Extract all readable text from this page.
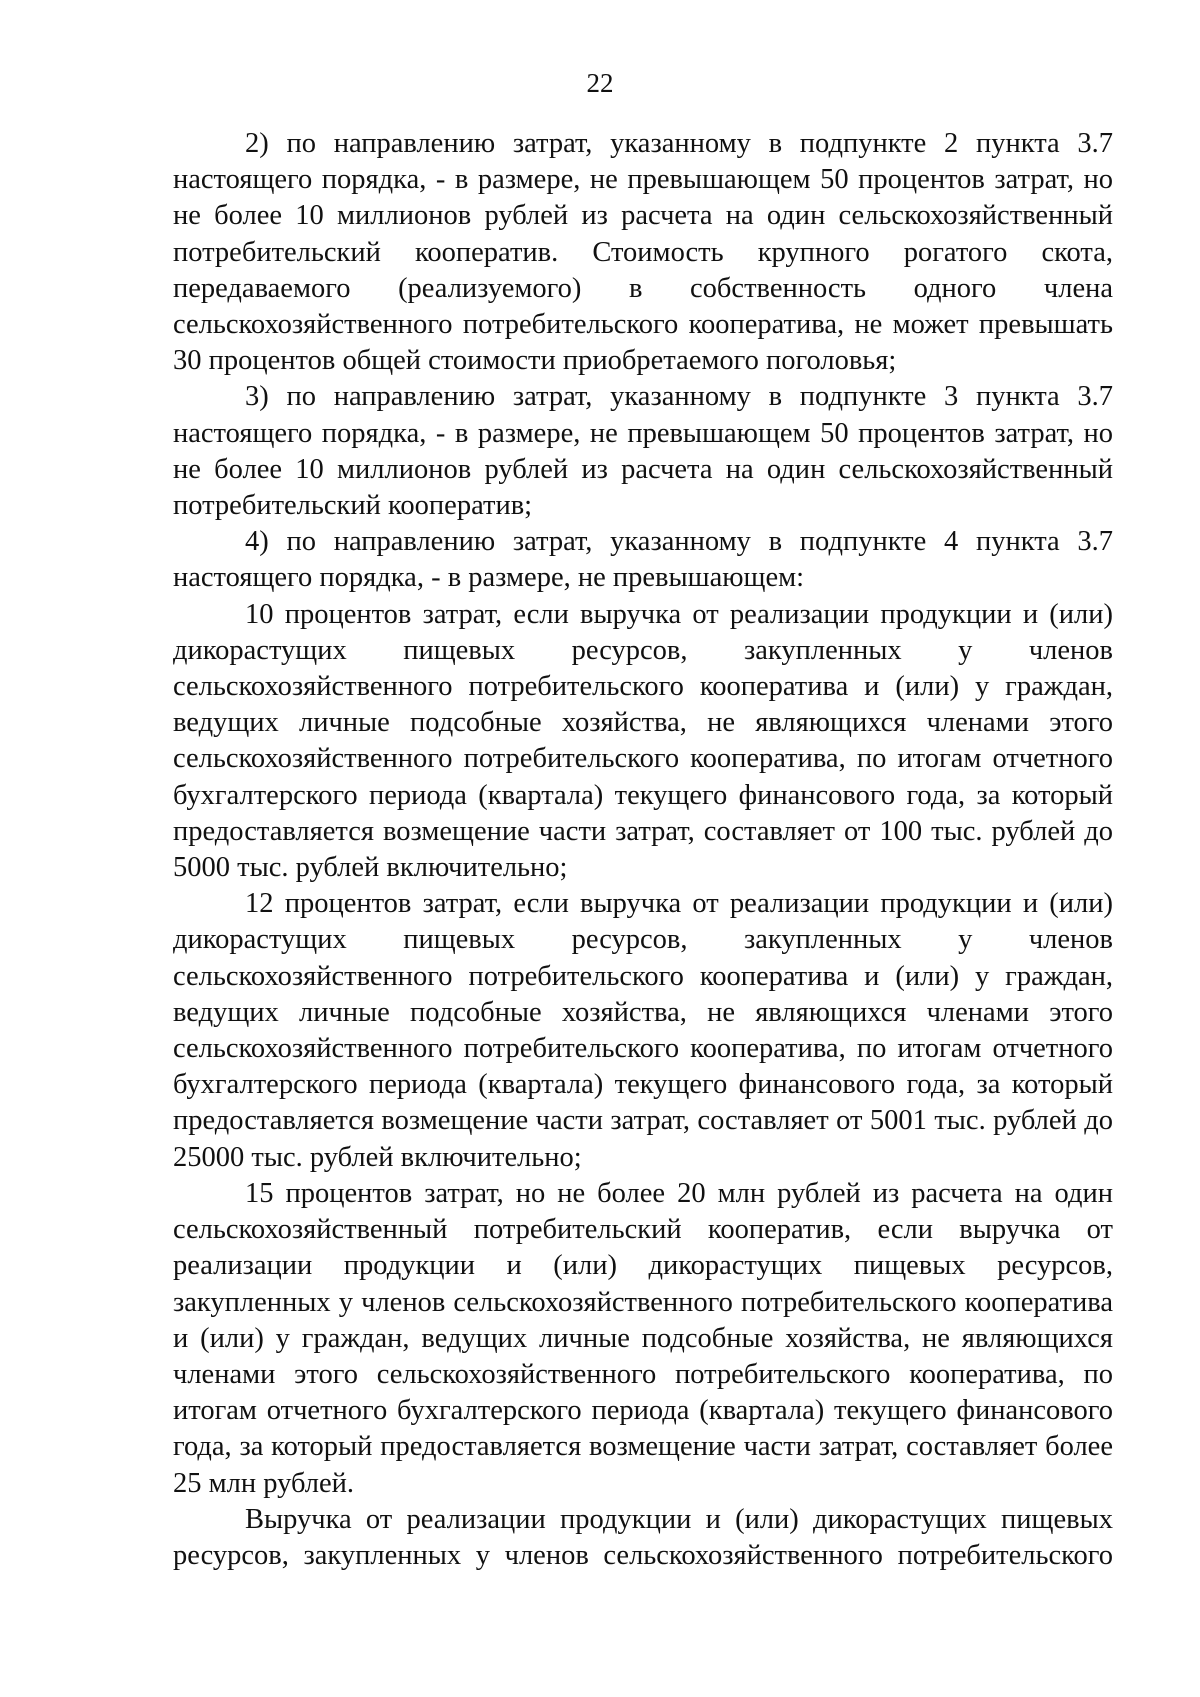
22

2) по направлению затрат, указанному в подпункте 2 пункта 3.7 настоящего порядка, - в размере, не превышающем 50 процентов затрат, но не более 10 миллионов рублей из расчета на один сельскохозяйственный потребительский кооператив. Стоимость крупного рогатого скота, передаваемого (реализуемого) в собственность одного члена сельскохозяйственного потребительского кооператива, не может превышать 30 процентов общей стоимости приобретаемого поголовья;

3) по направлению затрат, указанному в подпункте 3 пункта 3.7 настоящего порядка, - в размере, не превышающем 50 процентов затрат, но не более 10 миллионов рублей из расчета на один сельскохозяйственный потребительский кооператив;

4) по направлению затрат, указанному в подпункте 4 пункта 3.7 настоящего порядка, - в размере, не превышающем:

10 процентов затрат, если выручка от реализации продукции и (или) дикорастущих пищевых ресурсов, закупленных у членов сельскохозяйственного потребительского кооператива и (или) у граждан, ведущих личные подсобные хозяйства, не являющихся членами этого сельскохозяйственного потребительского кооператива, по итогам отчетного бухгалтерского периода (квартала) текущего финансового года, за который предоставляется возмещение части затрат, составляет от 100 тыс. рублей до 5000 тыс. рублей включительно;

12 процентов затрат, если выручка от реализации продукции и (или) дикорастущих пищевых ресурсов, закупленных у членов сельскохозяйственного потребительского кооператива и (или) у граждан, ведущих личные подсобные хозяйства, не являющихся членами этого сельскохозяйственного потребительского кооператива, по итогам отчетного бухгалтерского периода (квартала) текущего финансового года, за который предоставляется возмещение части затрат, составляет от 5001 тыс. рублей до 25000 тыс. рублей включительно;

15 процентов затрат, но не более 20 млн рублей из расчета на один сельскохозяйственный потребительский кооператив, если выручка от реализации продукции и (или) дикорастущих пищевых ресурсов, закупленных у членов сельскохозяйственного потребительского кооператива и (или) у граждан, ведущих личные подсобные хозяйства, не являющихся членами этого сельскохозяйственного потребительского кооператива, по итогам отчетного бухгалтерского периода (квартала) текущего финансового года, за который предоставляется возмещение части затрат, составляет более 25 млн рублей.

Выручка от реализации продукции и (или) дикорастущих пищевых ресурсов, закупленных у членов сельскохозяйственного потребительского
